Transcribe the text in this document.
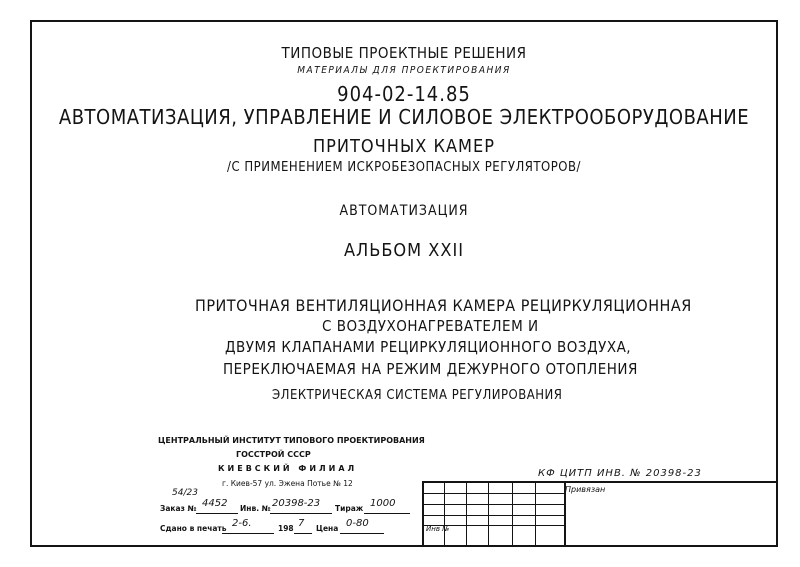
ТИПОВЫЕ ПРОЕКТНЫЕ РЕШЕНИЯ

МАТЕРИАЛЫ ДЛЯ ПРОЕКТИРОВАНИЯ

904-02-14.85

АВТОМАТИЗАЦИЯ, УПРАВЛЕНИЕ И СИЛОВОЕ ЭЛЕКТРООБОРУДОВАНИЕ

ПРИТОЧНЫХ КАМЕР

/С ПРИМЕНЕНИЕМ ИСКРОБЕЗОПАСНЫХ РЕГУЛЯТОРОВ/

АВТОМАТИЗАЦИЯ

АЛЬБОМ XXII

ПРИТОЧНАЯ ВЕНТИЛЯЦИОННАЯ КАМЕРА РЕЦИРКУЛЯЦИОННАЯ

С ВОЗДУХОНАГРЕВАТЕЛЕМ И

ДВУМЯ КЛАПАНАМИ РЕЦИРКУЛЯЦИОННОГО ВОЗДУХА,

ПЕРЕКЛЮЧАЕМАЯ НА РЕЖИМ ДЕЖУРНОГО ОТОПЛЕНИЯ

ЭЛЕКТРИЧЕСКАЯ СИСТЕМА РЕГУЛИРОВАНИЯ

ЦЕНТРАЛЬНЫЙ ИНСТИТУТ ТИПОВОГО ПРОЕКТИРОВАНИЯ
ГОССТРОЙ СССР
КИЕВСКИЙ ФИЛИАЛ
г. Киев-57 ул. Эжена Потье № 12
54/23
Заказ № 4452 Инв. № 20398-23 Тираж 1000
Сдано в печать 2-6.	198 7 Цена 0-80
КФ ЦИТП ИНВ. № 20398-23
Привязан
Инв №
